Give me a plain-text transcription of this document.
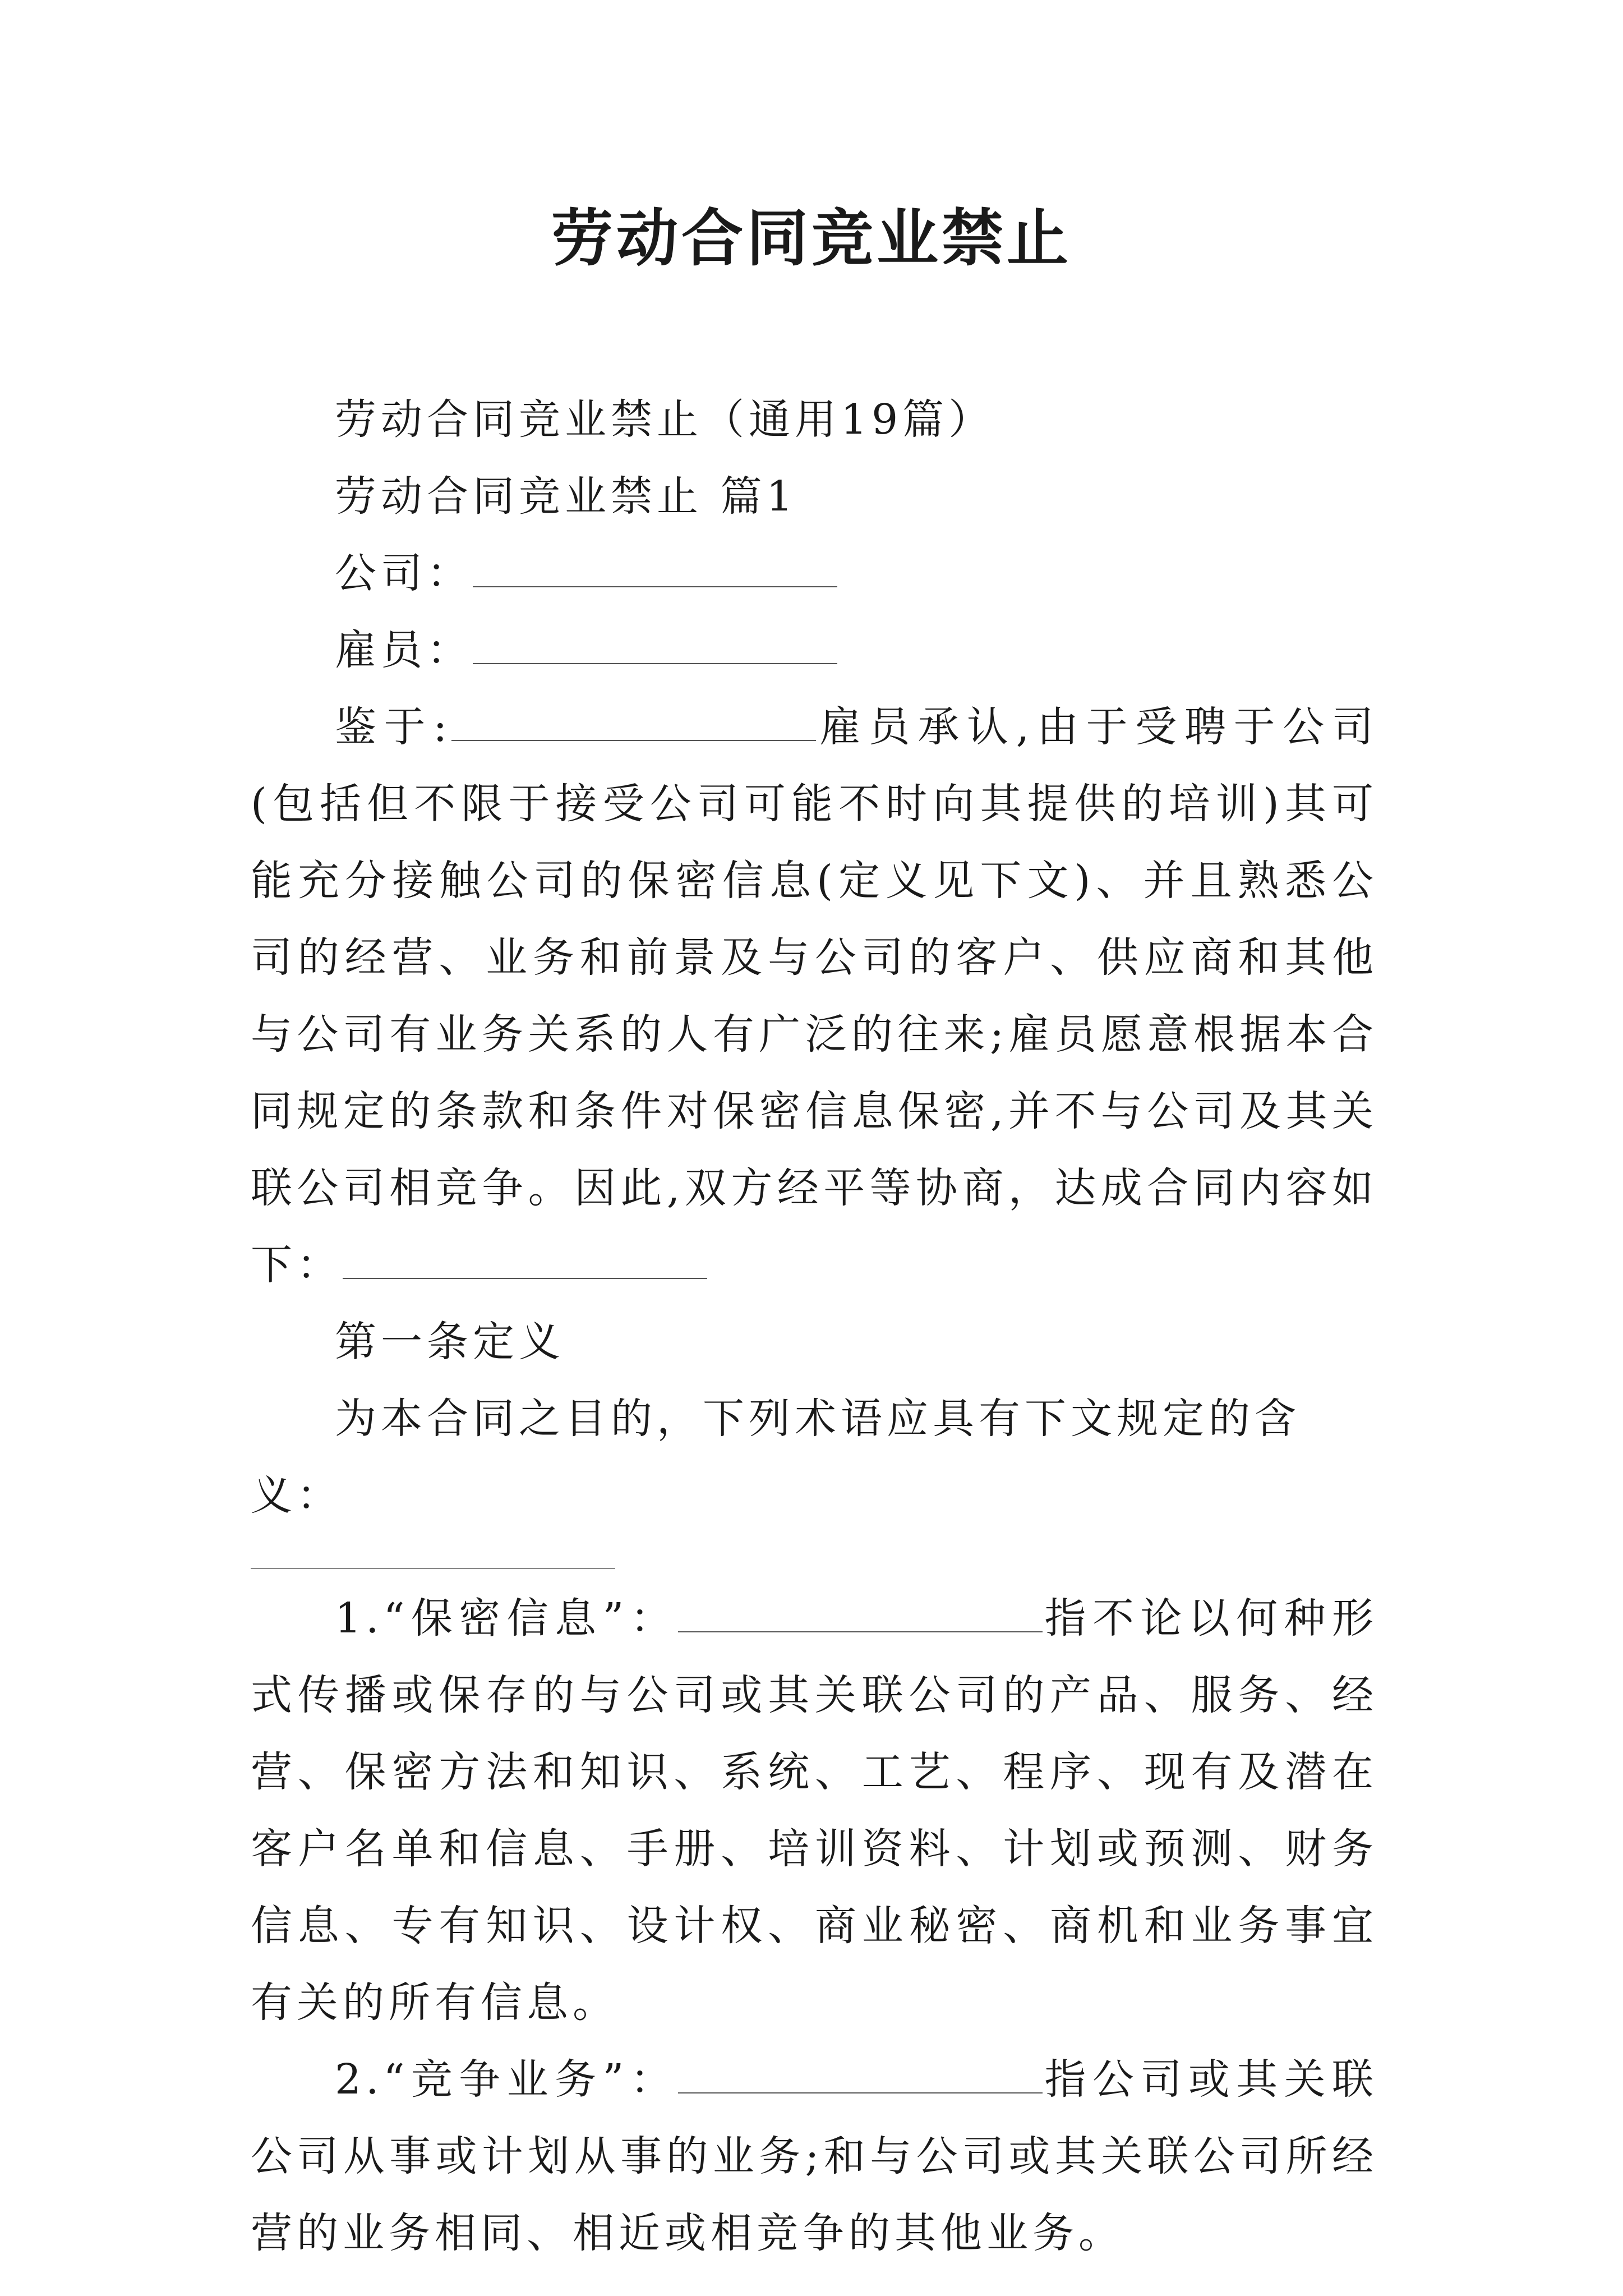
劳动合同竞业禁止

劳动合同竞业禁止（通用19篇）

劳动合同竞业禁止 篇1

公司：

雇员：

鉴于:	雇员承认,由于受聘于公司(包括但不限于接受公司可能不时向其提供的培训)其可能充分接触公司的保密信息(定义见下文)、并且熟悉公司的经营、业务和前景及与公司的客户、供应商和其他与公司有业务关系的人有广泛的往来;雇员愿意根据本合同规定的条款和条件对保密信息保密,并不与公司及其关联公司相竞争。因此,双方经平等协商，达成合同内容如下：

第一条定义

为本合同之目的，下列术语应具有下文规定的含义：

1.“保密信息”：	指不论以何种形式传播或保存的与公司或其关联公司的产品、服务、经营、保密方法和知识、系统、工艺、程序、现有及潜在客户名单和信息、手册、培训资料、计划或预测、财务信息、专有知识、设计权、商业秘密、商机和业务事宜有关的所有信息。

2.“竞争业务”：	指公司或其关联公司从事或计划从事的业务;和与公司或其关联公司所经营的业务相同、相近或相竞争的其他业务。
